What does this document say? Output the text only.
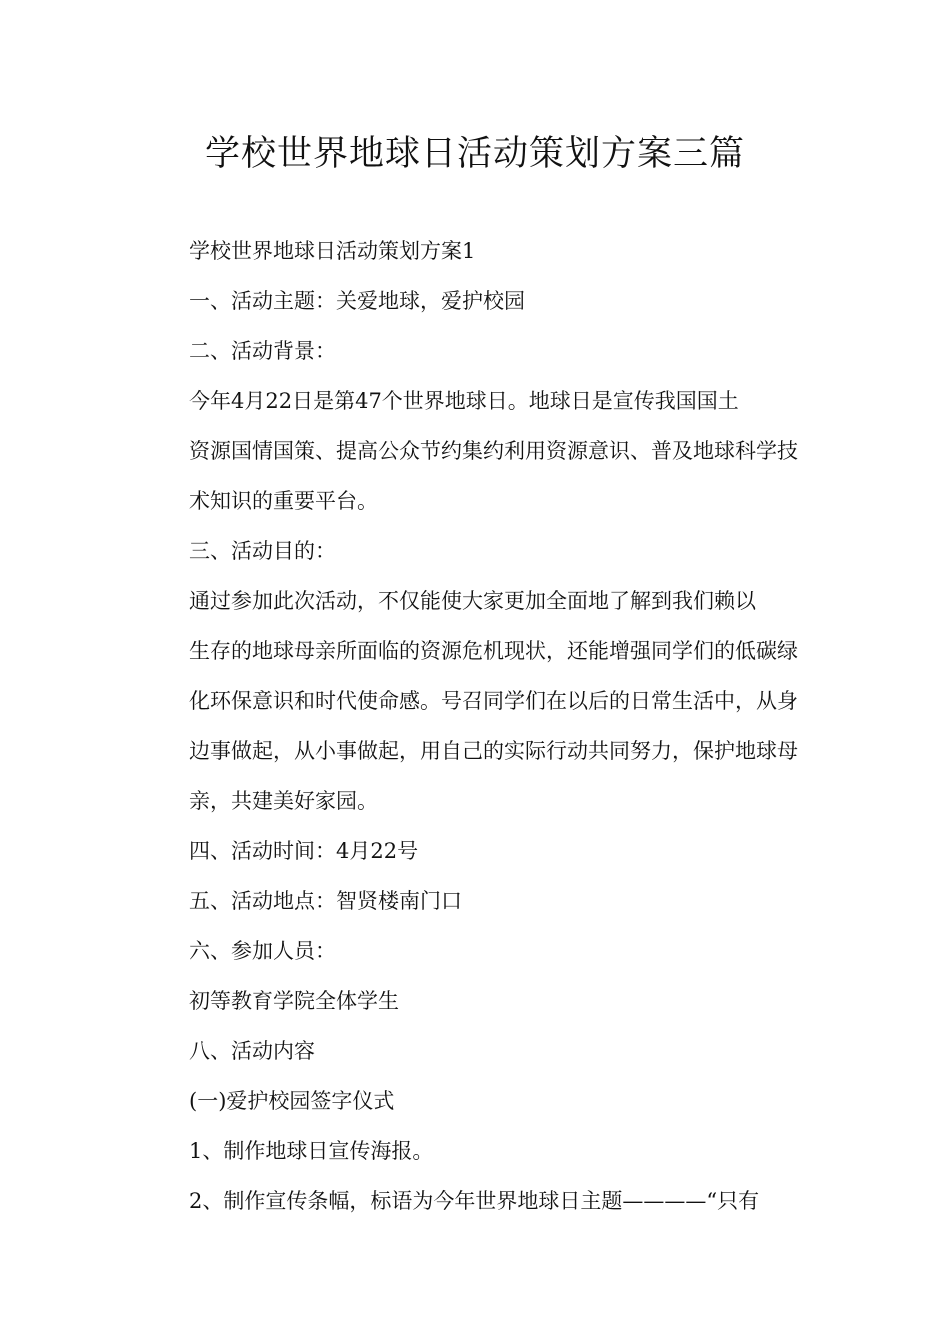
学校世界地球日活动策划方案三篇

学校世界地球日活动策划方案1

一、活动主题：关爱地球，爱护校园

二、活动背景：

今年4月22日是第47个世界地球日。地球日是宣传我国国土
资源国情国策、提高公众节约集约利用资源意识、普及地球科学技
术知识的重要平台。

三、活动目的：

通过参加此次活动，不仅能使大家更加全面地了解到我们赖以
生存的地球母亲所面临的资源危机现状，还能增强同学们的低碳绿
化环保意识和时代使命感。号召同学们在以后的日常生活中，从身
边事做起，从小事做起，用自己的实际行动共同努力，保护地球母
亲，共建美好家园。

四、活动时间：4月22号

五、活动地点：智贤楼南门口

六、参加人员：

初等教育学院全体学生

八、活动内容

(一)爱护校园签字仪式

1、制作地球日宣传海报。

2、制作宣传条幅，标语为今年世界地球日主题————“只有
